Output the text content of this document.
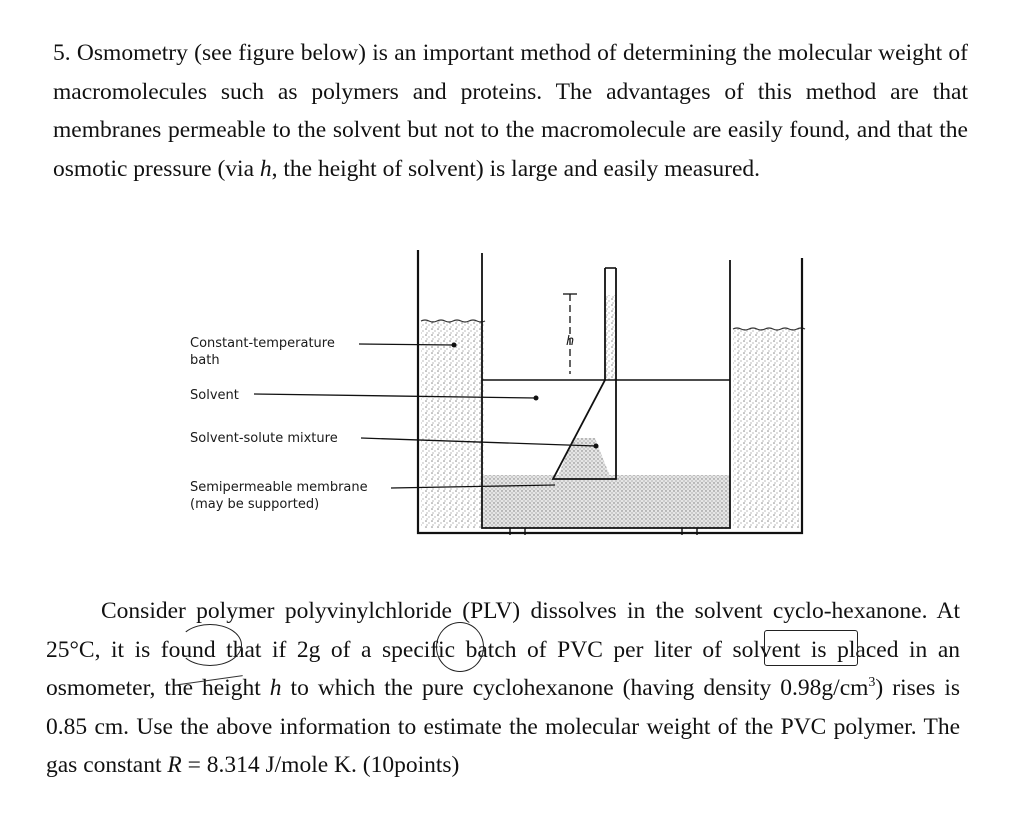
5. Osmometry (see figure below) is an important method of determining the molecular weight of macromolecules such as polymers and proteins. The advantages of this method are that membranes permeable to the solvent but not to the macromolecule are easily found, and that the osmotic pressure (via h, the height of solvent) is large and easily measured.

h
Constant-temperature
bath
Solvent
Solvent-solute mixture
Semipermeable membrane
(may be supported)

Consider polymer polyvinylchloride (PLV) dissolves in the solvent cyclo-hexanone. At 25°C, it is found that if 2g of a specific batch of PVC per liter of solvent is placed in an osmometer, the height h to which the pure cyclohexanone (having density $0.98g/cm^3$) rises is 0.85 cm. Use the above information to estimate the molecular weight of the PVC polymer. The gas constant R = 8.314 J/mole K. (10points)
